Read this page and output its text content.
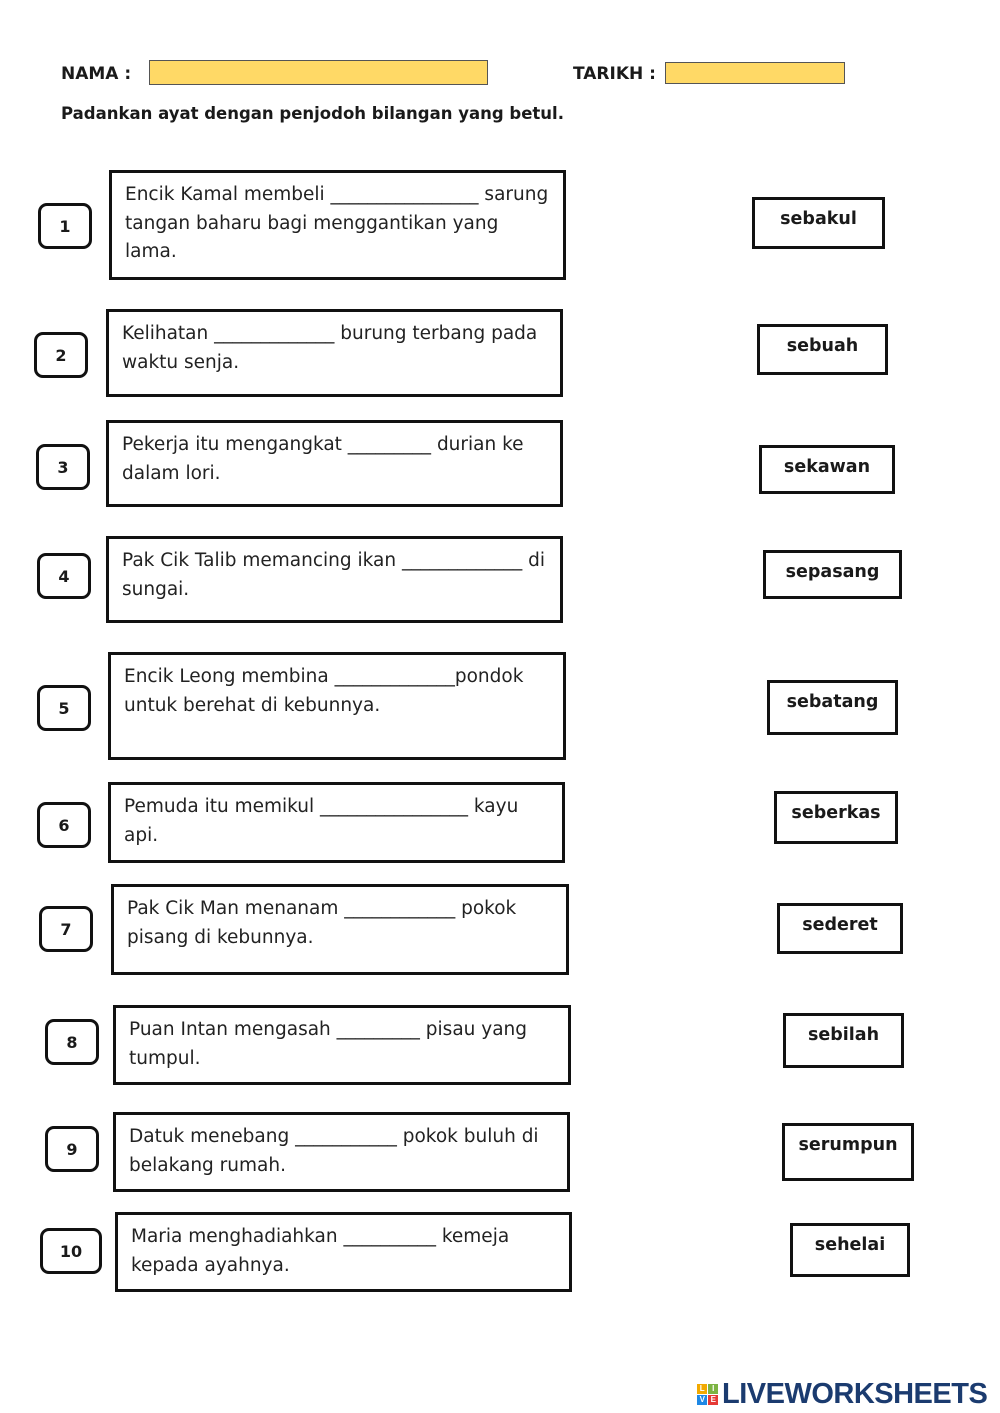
NAMA :	TARIKH :
Padankan ayat dengan penjodoh bilangan yang betul.
1
2
3
4
5
6
7
8
9
10
Encik Kamal membeli ________________ sarung tangan baharu bagi menggantikan yang lama.
Kelihatan _____________ burung terbang pada waktu senja.
Pekerja itu mengangkat _________ durian ke dalam lori.
Pak Cik Talib memancing ikan _____________ di sungai.
Encik Leong membina _____________pondok untuk berehat di kebunnya.
Pemuda itu memikul ________________ kayu api.
Pak Cik Man menanam ____________ pokok pisang di kebunnya.
Puan Intan mengasah _________ pisau yang tumpul.
Datuk menebang ___________ pokok buluh di belakang rumah.
Maria menghadiahkan __________ kemeja kepada ayahnya.
sebakul
sebuah
sekawan
sepasang
sebatang
seberkas
sederet
sebilah
serumpun
sehelai
L I
V E LIVEWORKSHEETS
